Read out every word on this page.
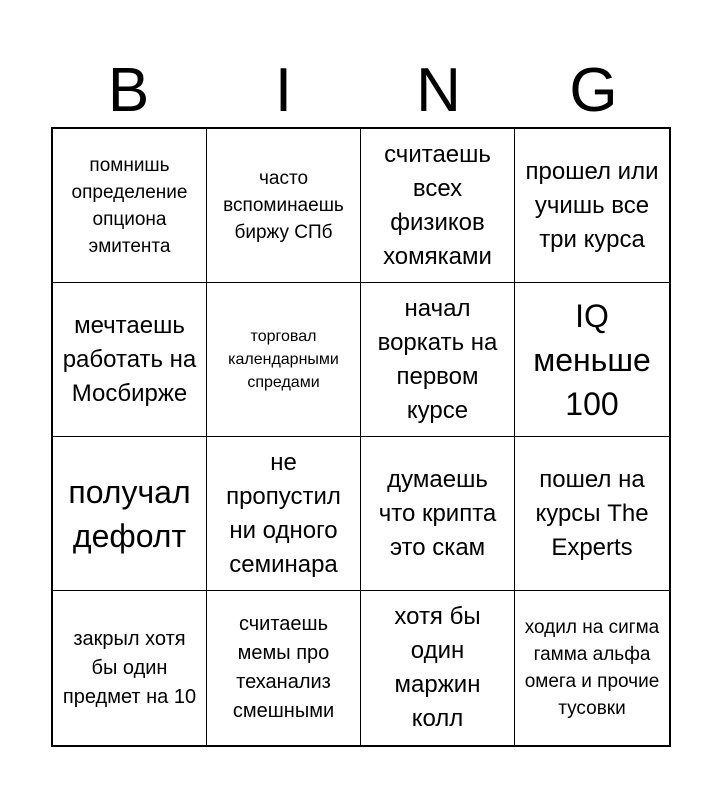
B	I	N	G
помнишь определение опциона эмитента
часто вспоминаешь биржу СПб
считаешь всех физиков хомяками
прошел или учишь все три курса
мечтаешь работать на Мосбирже
торговал календарными спредами
начал воркать на первом курсе
IQ меньше 100
получал дефолт
не пропустил ни одного семинара
думаешь что крипта это скам
пошел на курсы The Experts
закрыл хотя бы один предмет на 10
считаешь мемы про теханализ смешными
хотя бы один маржин колл
ходил на сигма гамма альфа омега и прочие тусовки
